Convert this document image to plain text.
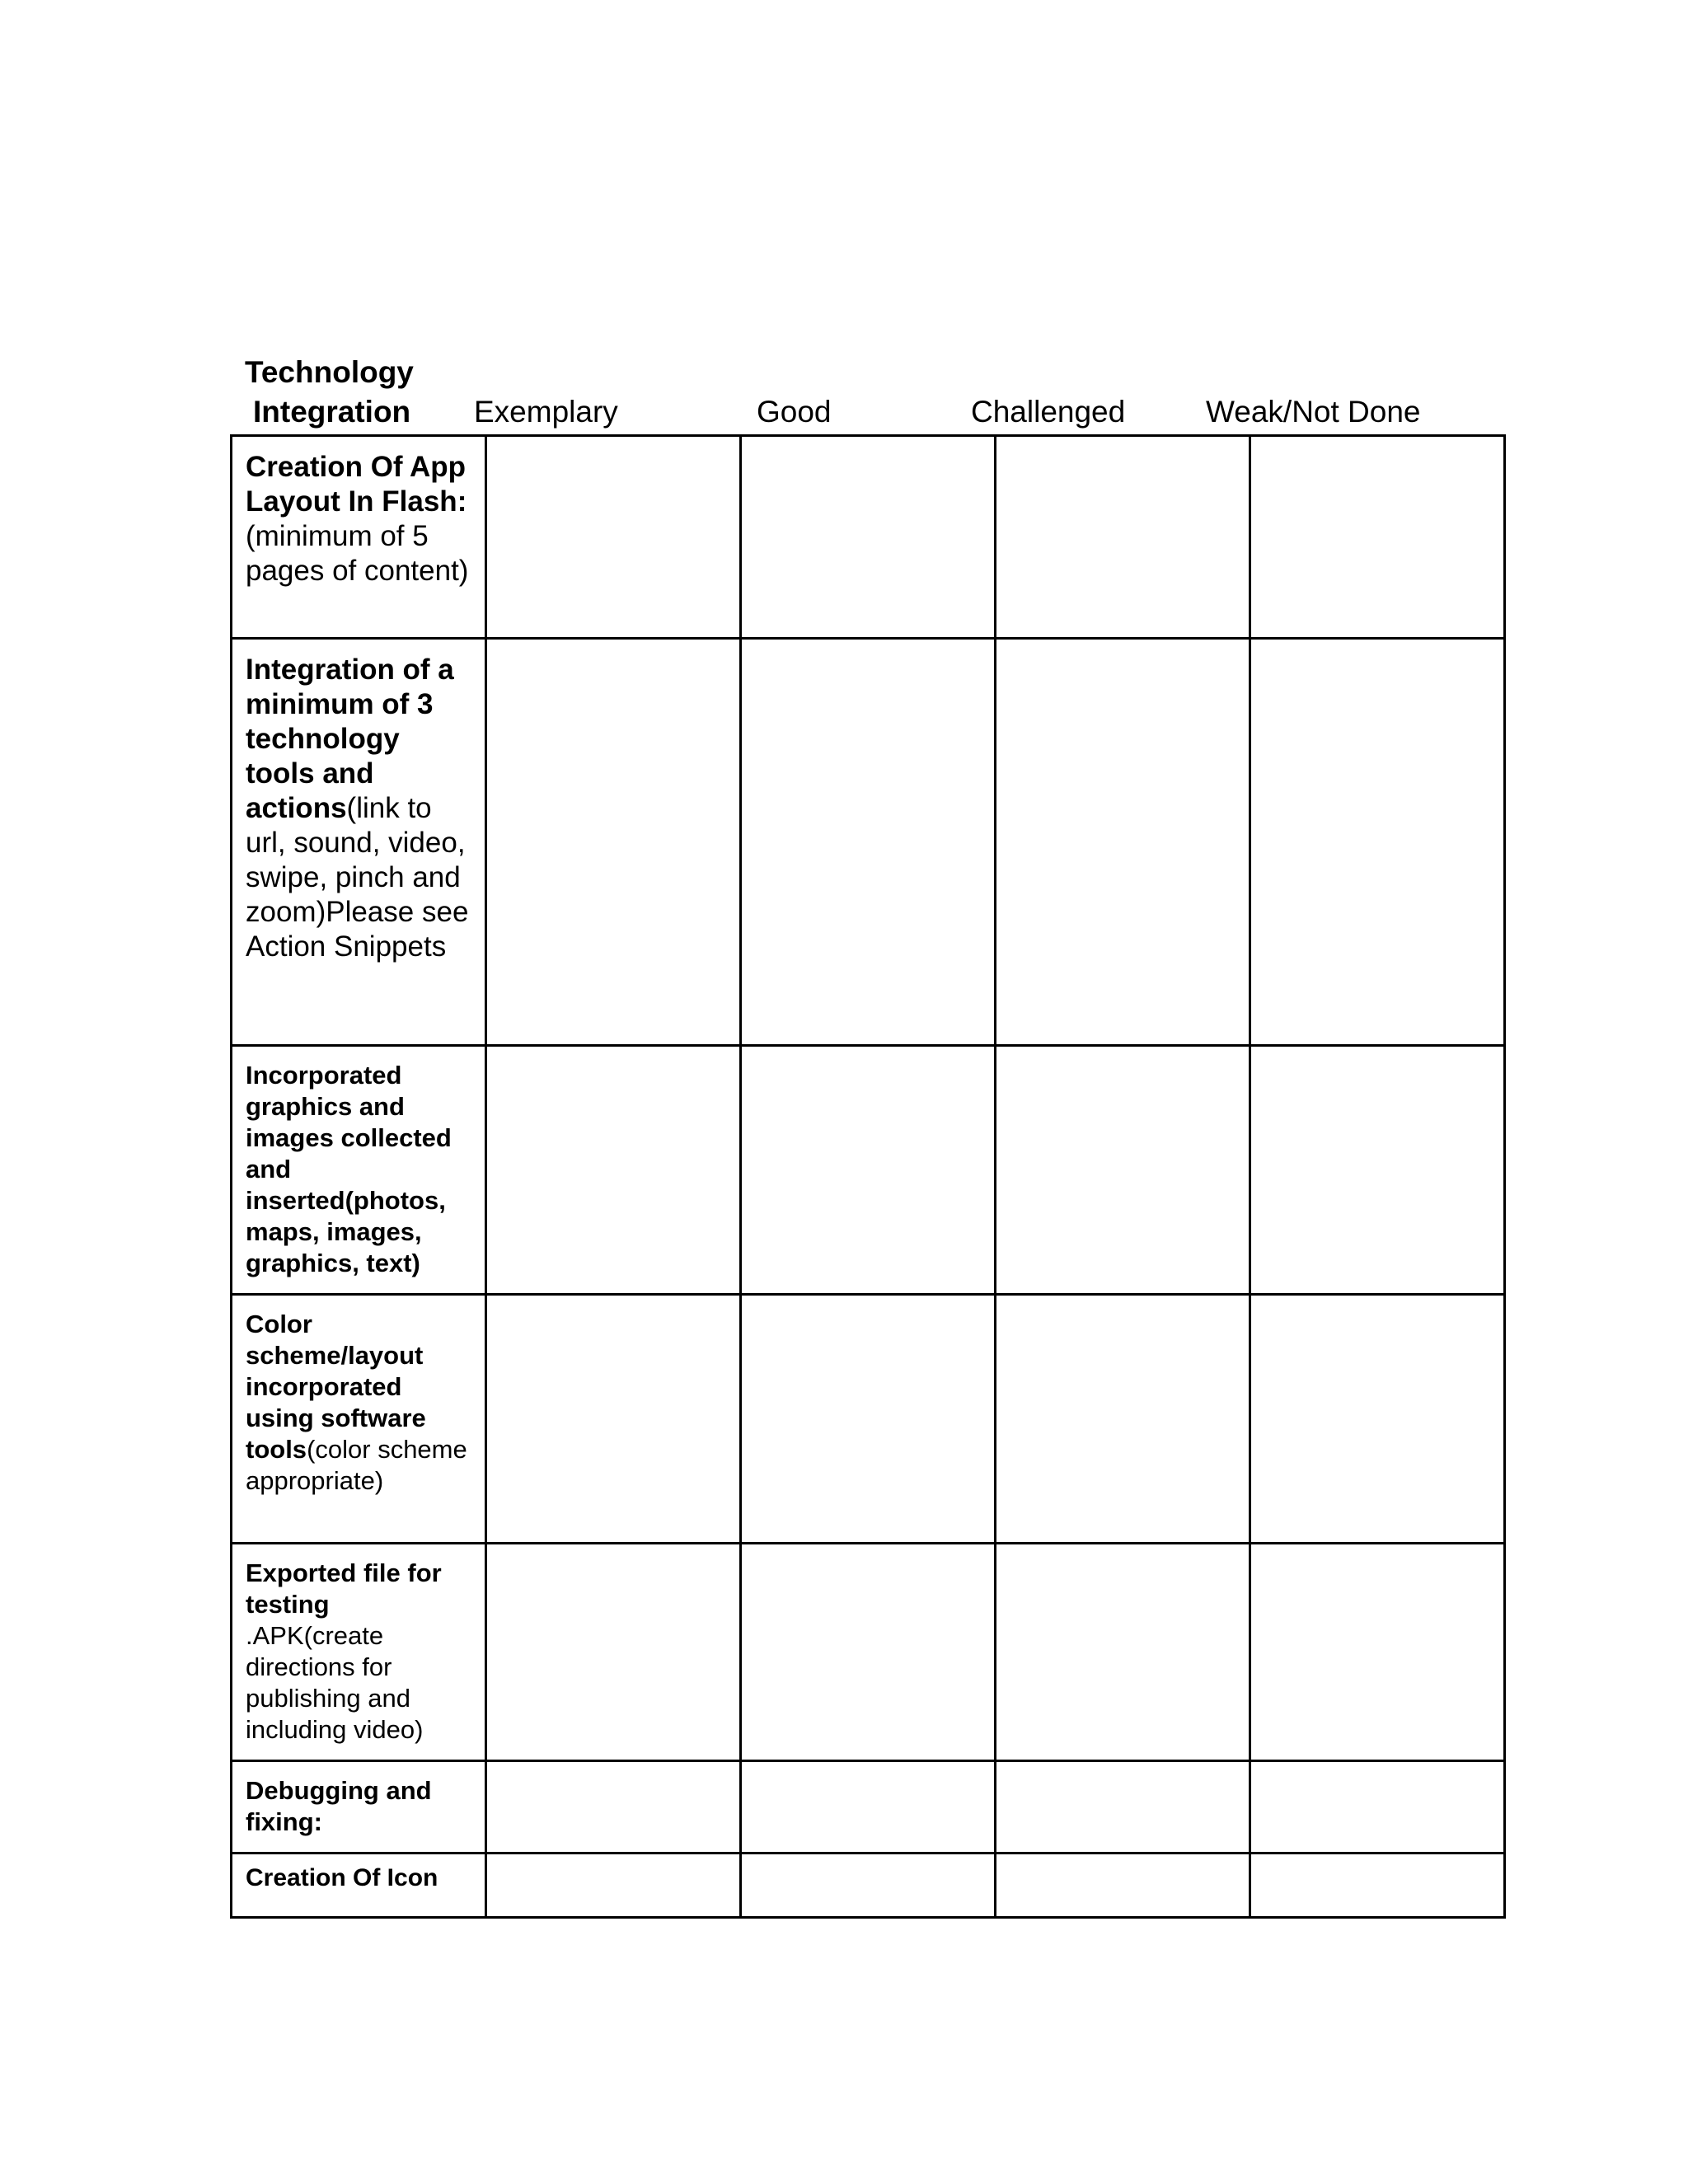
Technology
Integration Exemplary	Good	Challenged	Weak/Not Done
Creation Of App Layout In Flash:(minimum of 5 pages of content)				
Integration of a minimum of 3 technology tools and actions(link to url, sound, video, swipe, pinch and zoom)Please see Action Snippets				
Incorporated graphics and images collected and inserted(photos, maps, images, graphics, text)				
Color scheme/layout incorporated using software tools(color scheme appropriate)				
Exported file for testing .APK(create directions for publishing and including video)				
Debugging and fixing:				
Creation Of Icon				
